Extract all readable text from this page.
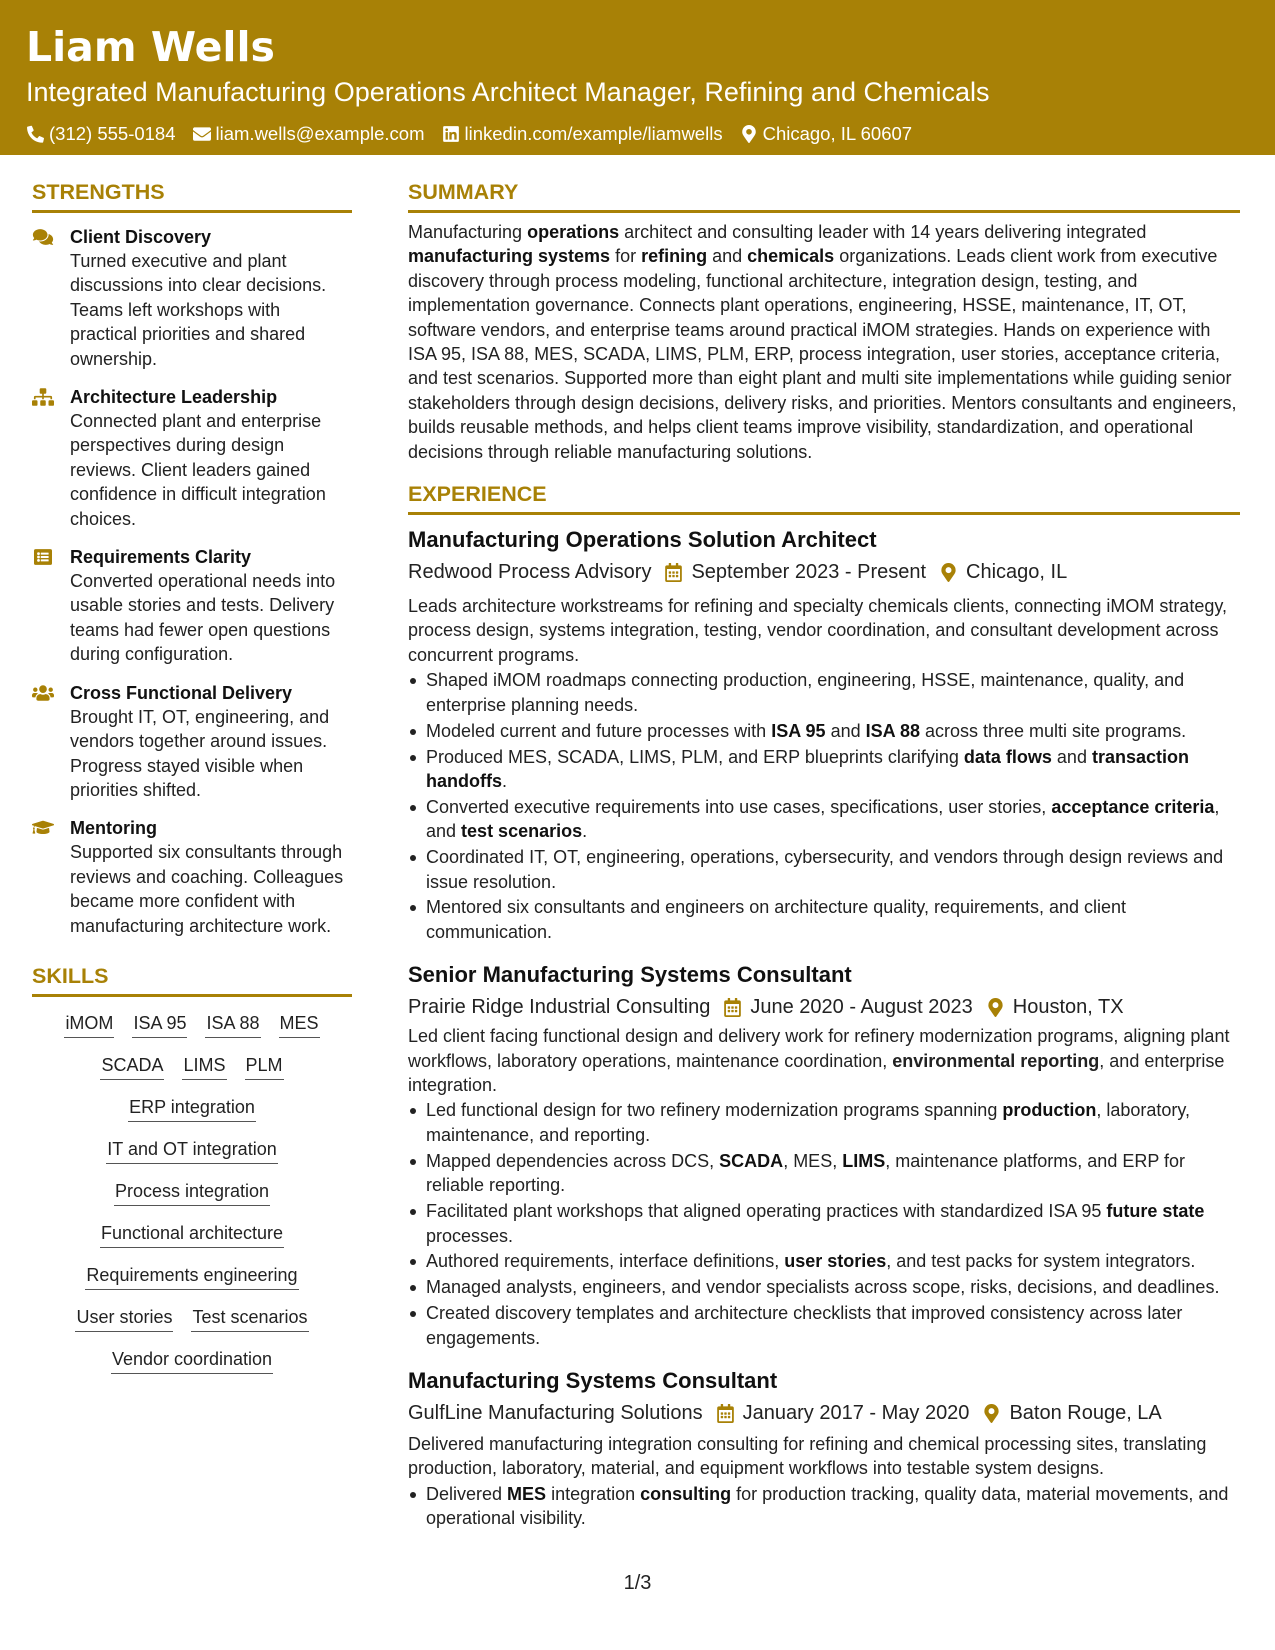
Liam Wells
Integrated Manufacturing Operations Architect Manager, Refining and Chemicals
(312) 555-0184 liam.wells@example.com linkedin.com/example/liamwells Chicago, IL 60607
STRENGTHS
Client Discovery
Turned executive and plant discussions into clear decisions. Teams left workshops with practical priorities and shared ownership.
Architecture Leadership
Connected plant and enterprise perspectives during design reviews. Client leaders gained confidence in difficult integration choices.
Requirements Clarity
Converted operational needs into usable stories and tests. Delivery teams had fewer open questions during configuration.
Cross Functional Delivery
Brought IT, OT, engineering, and vendors together around issues. Progress stayed visible when priorities shifted.
Mentoring
Supported six consultants through reviews and coaching. Colleagues became more confident with manufacturing architecture work.
SKILLS
iMOM ISA 95 ISA 88 MES
SCADA LIMS PLM
ERP integration
IT and OT integration
Process integration
Functional architecture
Requirements engineering
User stories Test scenarios
Vendor coordination
SUMMARY
Manufacturing operations architect and consulting leader with 14 years delivering integrated manufacturing systems for refining and chemicals organizations. Leads client work from executive discovery through process modeling, functional architecture, integration design, testing, and implementation governance. Connects plant operations, engineering, HSSE, maintenance, IT, OT, software vendors, and enterprise teams around practical iMOM strategies. Hands on experience with ISA 95, ISA 88, MES, SCADA, LIMS, PLM, ERP, process integration, user stories, acceptance criteria, and test scenarios. Supported more than eight plant and multi site implementations while guiding senior stakeholders through design decisions, delivery risks, and priorities. Mentors consultants and engineers, builds reusable methods, and helps client teams improve visibility, standardization, and operational decisions through reliable manufacturing solutions.
EXPERIENCE
Manufacturing Operations Solution Architect
Redwood Process Advisory September 2023 - Present Chicago, IL
Leads architecture workstreams for refining and specialty chemicals clients, connecting iMOM strategy, process design, systems integration, testing, vendor coordination, and consultant development across concurrent programs.
Shaped iMOM roadmaps connecting production, engineering, HSSE, maintenance, quality, and enterprise planning needs.
Modeled current and future processes with ISA 95 and ISA 88 across three multi site programs.
Produced MES, SCADA, LIMS, PLM, and ERP blueprints clarifying data flows and transaction handoffs.
Converted executive requirements into use cases, specifications, user stories, acceptance criteria, and test scenarios.
Coordinated IT, OT, engineering, operations, cybersecurity, and vendors through design reviews and issue resolution.
Mentored six consultants and engineers on architecture quality, requirements, and client communication.
Senior Manufacturing Systems Consultant
Prairie Ridge Industrial Consulting June 2020 - August 2023 Houston, TX
Led client facing functional design and delivery work for refinery modernization programs, aligning plant workflows, laboratory operations, maintenance coordination, environmental reporting, and enterprise integration.
Led functional design for two refinery modernization programs spanning production, laboratory, maintenance, and reporting.
Mapped dependencies across DCS, SCADA, MES, LIMS, maintenance platforms, and ERP for reliable reporting.
Facilitated plant workshops that aligned operating practices with standardized ISA 95 future state processes.
Authored requirements, interface definitions, user stories, and test packs for system integrators.
Managed analysts, engineers, and vendor specialists across scope, risks, decisions, and deadlines.
Created discovery templates and architecture checklists that improved consistency across later engagements.
Manufacturing Systems Consultant
GulfLine Manufacturing Solutions January 2017 - May 2020 Baton Rouge, LA
Delivered manufacturing integration consulting for refining and chemical processing sites, translating production, laboratory, material, and equipment workflows into testable system designs.
Delivered MES integration consulting for production tracking, quality data, material movements, and operational visibility.
1/3
